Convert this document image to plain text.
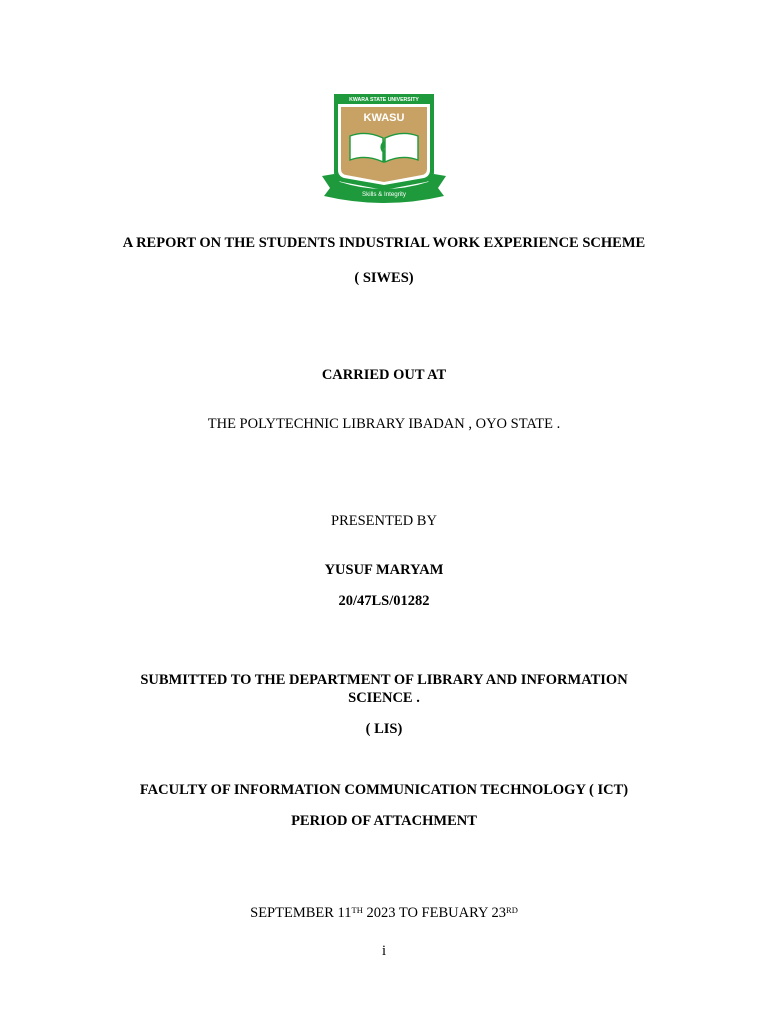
KWARA STATE UNIVERSITY
KWASU
Skills & Integrity
A REPORT ON THE STUDENTS INDUSTRIAL WORK EXPERIENCE SCHEME
( SIWES)
CARRIED OUT AT
THE POLYTECHNIC LIBRARY IBADAN , OYO STATE .
PRESENTED BY
YUSUF MARYAM
20/47LS/01282
SUBMITTED TO THE DEPARTMENT OF LIBRARY AND INFORMATION SCIENCE .
( LIS)
FACULTY OF INFORMATION COMMUNICATION TECHNOLOGY ( ICT)
PERIOD OF ATTACHMENT
SEPTEMBER 11TH 2023 TO FEBUARY 23RD
i
